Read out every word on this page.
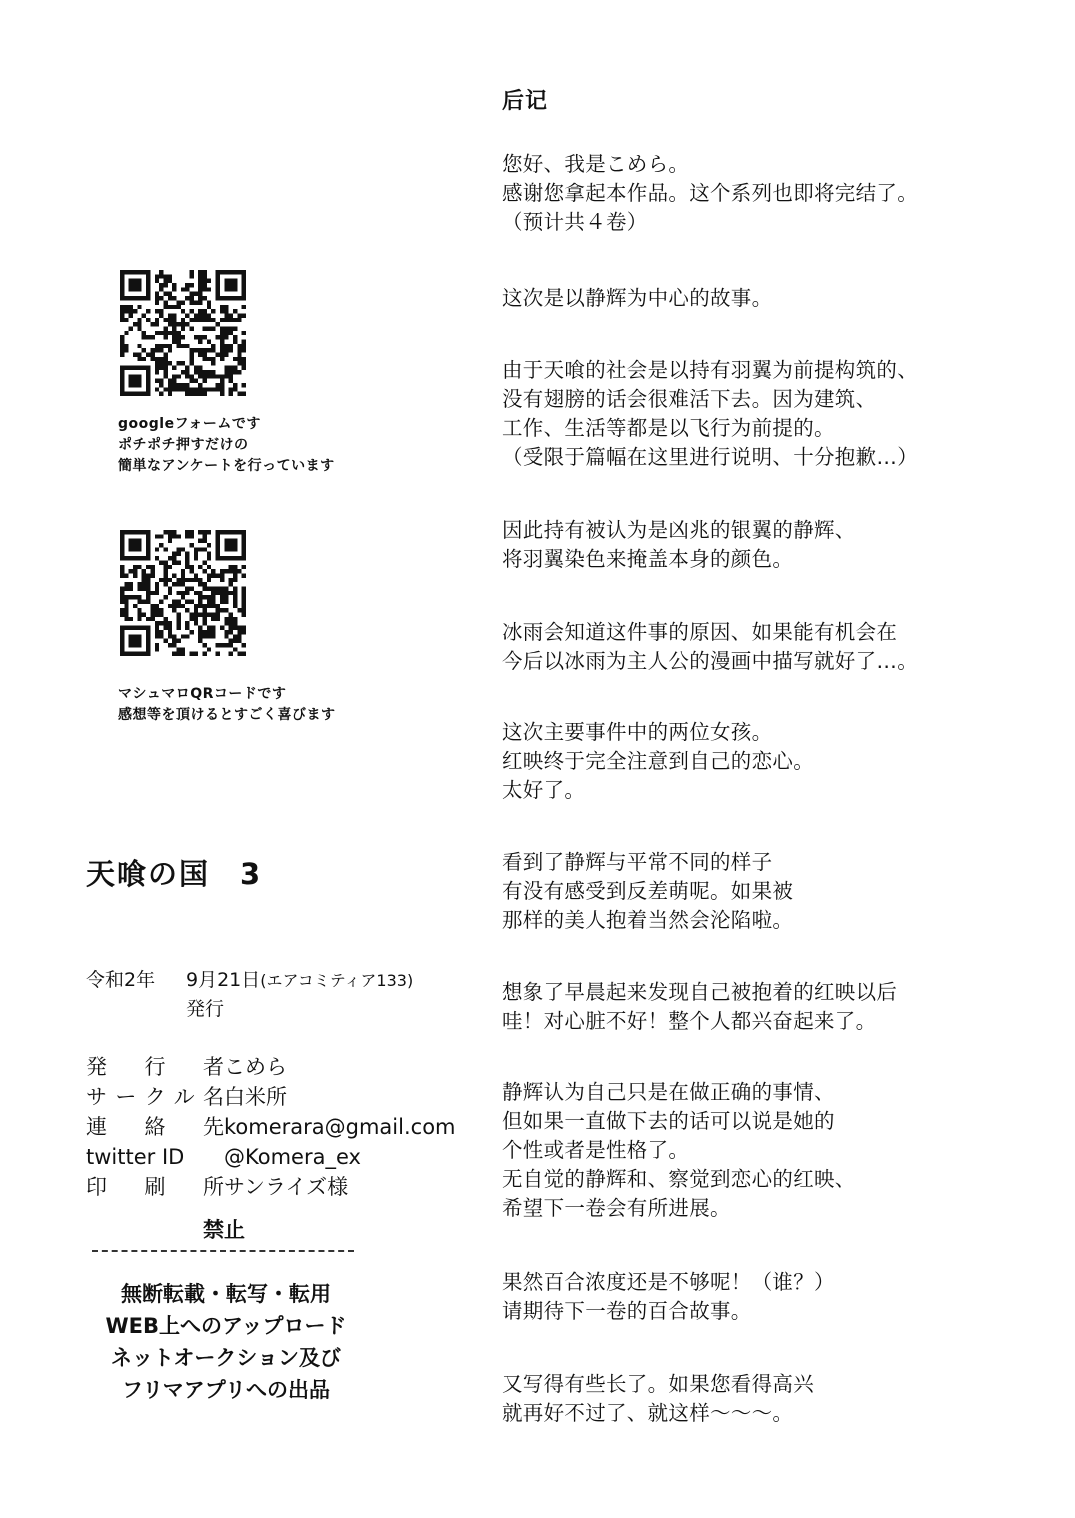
后记
您好、我是こめら。
感谢您拿起本作品。这个系列也即将完结了。
（预计共４卷）
这次是以静辉为中心的故事。
由于天喰的社会是以持有羽翼为前提构筑的、
没有翅膀的话会很难活下去。因为建筑、
工作、生活等都是以飞行为前提的。
（受限于篇幅在这里进行说明、十分抱歉…）
因此持有被认为是凶兆的银翼的静辉、
将羽翼染色来掩盖本身的颜色。
冰雨会知道这件事的原因、如果能有机会在
今后以冰雨为主人公的漫画中描写就好了…。
这次主要事件中的两位女孩。
红映终于完全注意到自己的恋心。
太好了。
看到了静辉与平常不同的样子
有没有感受到反差萌呢。如果被
那样的美人抱着当然会沦陷啦。
想象了早晨起来发现自己被抱着的红映以后
哇！对心脏不好！整个人都兴奋起来了。
静辉认为自己只是在做正确的事情、
但如果一直做下去的话可以说是她的
个性或者是性格了。
无自觉的静辉和、察觉到恋心的红映、
希望下一卷会有所进展。
果然百合浓度还是不够呢！（谁？）
请期待下一卷的百合故事。
又写得有些长了。如果您看得高兴
就再好不过了、就这样～～～。
googleフォームです
ポチポチ押すだけの
簡単なアンケートを行っています
マシュマロQRコードです
感想等を頂けるとすごく喜びます
天喰の国 3
令和2年 9月21日(エアコミティア133)
発行
発行者 こめら
サークル名 白米所
連絡先 komerara@gmail.com
twitter ID	@Komera_ex
印刷所 サンライズ様
禁止
無断転載・転写・転用
WEB上へのアップロード
ネットオークション及び
フリマアプリへの出品
